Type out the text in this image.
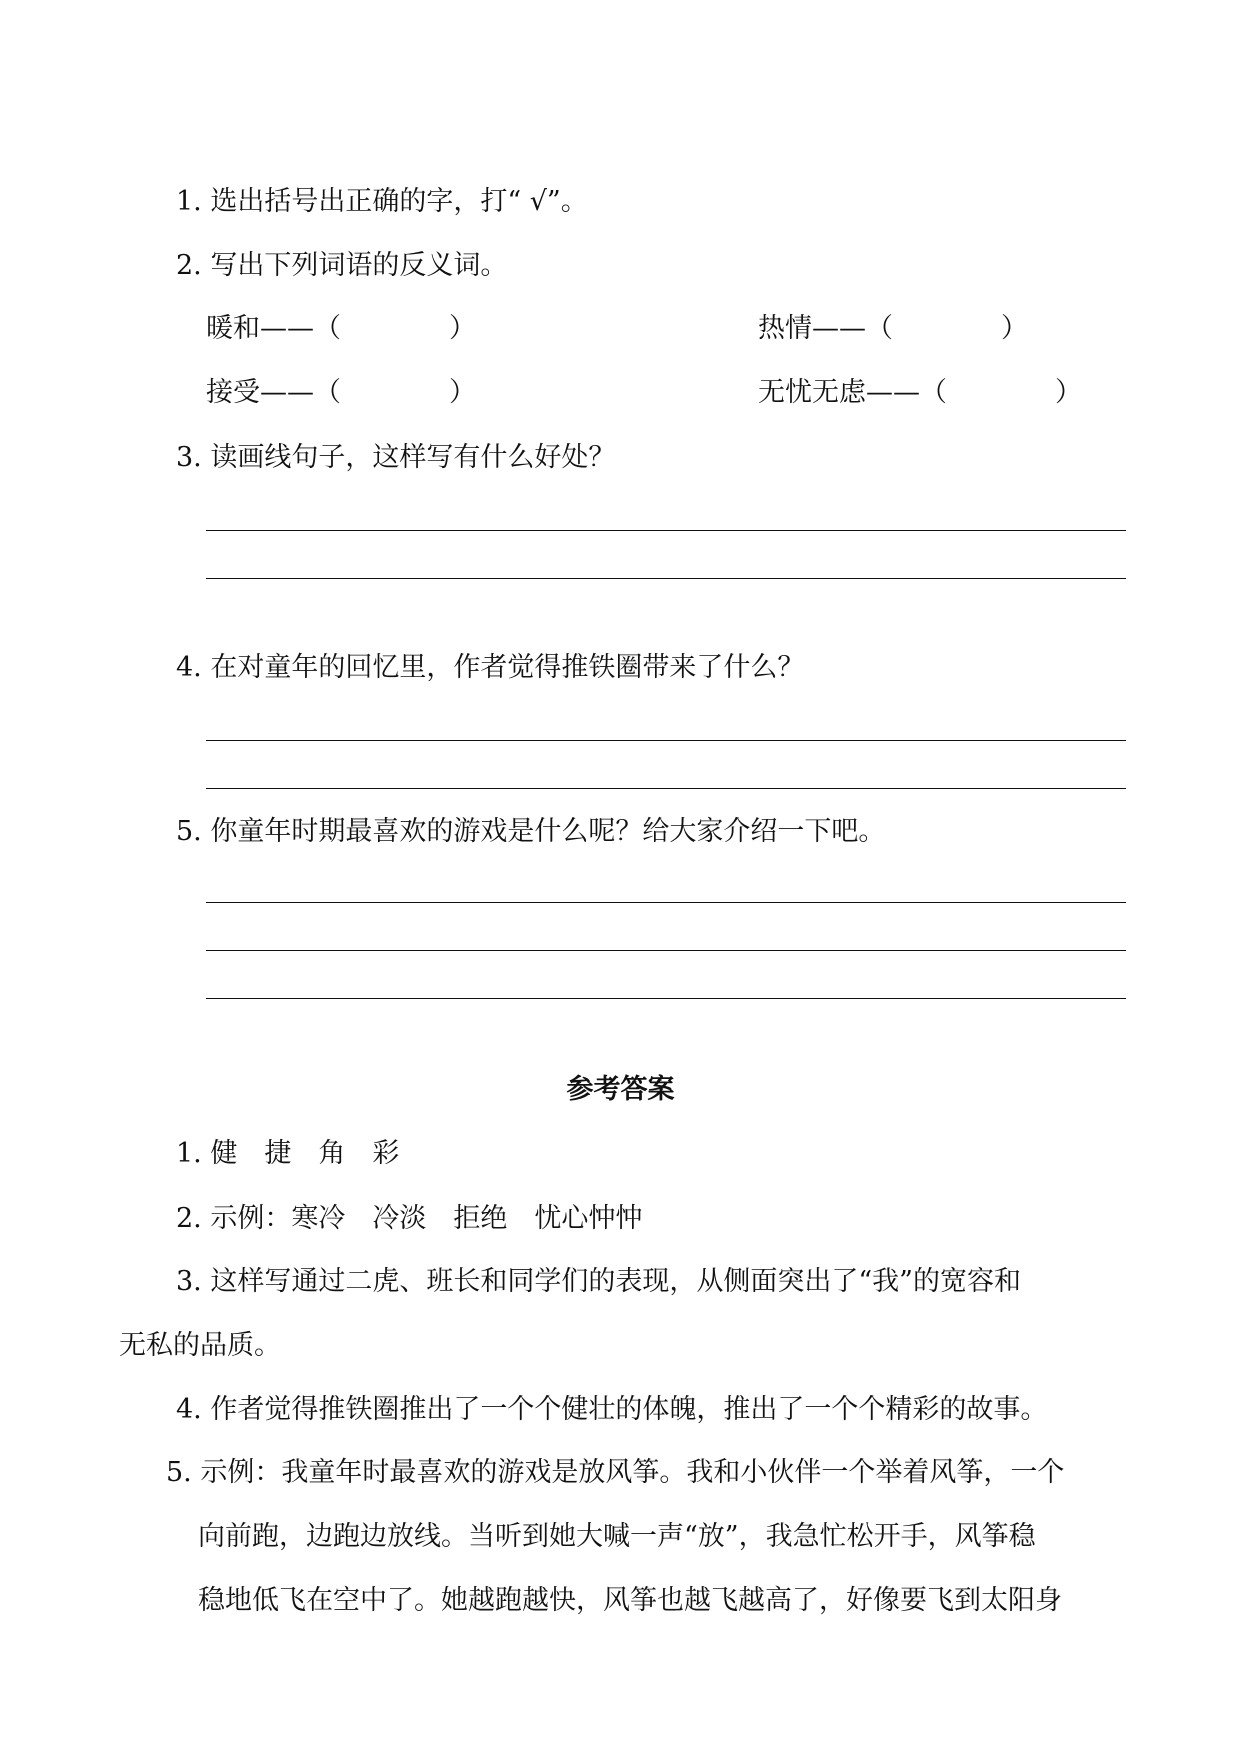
1. 选出括号出正确的字，打“ √”。
2. 写出下列词语的反义词。
暖和——（　　　　）	热情——（　　　　）
接受——（　　　　）	无忧无虑——（　　　　）
3. 读画线句子，这样写有什么好处？
4. 在对童年的回忆里，作者觉得推铁圈带来了什么？
5. 你童年时期最喜欢的游戏是什么呢？给大家介绍一下吧。
参考答案
1. 健　捷　角　彩
2. 示例：寒冷　冷淡　拒绝　忧心忡忡
3. 这样写通过二虎、班长和同学们的表现，从侧面突出了“我”的宽容和
无私的品质。
4. 作者觉得推铁圈推出了一个个健壮的体魄，推出了一个个精彩的故事。
5. 示例：我童年时最喜欢的游戏是放风筝。我和小伙伴一个举着风筝，一个
向前跑，边跑边放线。当听到她大喊一声“放”，我急忙松开手，风筝稳
稳地低飞在空中了。她越跑越快，风筝也越飞越高了，好像要飞到太阳身
